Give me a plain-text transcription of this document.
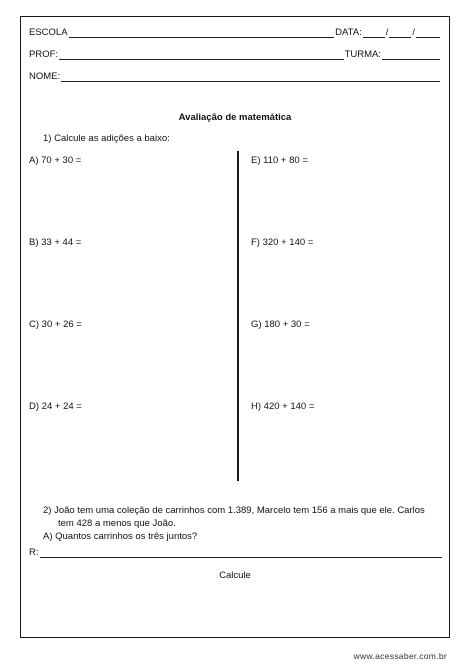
ESCOLA	DATA:	/	/
PROF:	TURMA:
NOME:
Avaliação de matemática
1) Calcule as adições a baixo:
A) 70 + 30 =
B) 33 + 44 =
C) 30 + 26 =
D) 24 + 24 =
E) 110 + 80 =
F) 320 + 140 =
G) 180 + 30 =
H) 420 + 140 =
2) João tem uma coleção de carrinhos com 1.389, Marcelo tem 156 a mais que ele. Carlos
tem 428 a menos que João.
A) Quantos carrinhos os três juntos?
R:
Calcule
www.acessaber.com.br
